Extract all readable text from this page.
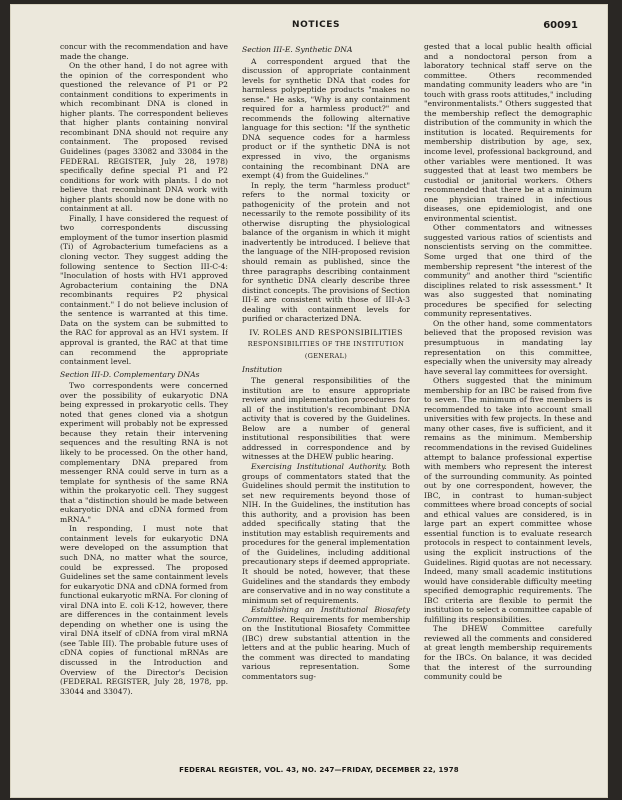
NOTICES	60091

concur with the recommendation and have made the change.

On the other hand, I do not agree with the opinion of the correspondent who questioned the relevance of P1 or P2 containment conditions to experiments in which recombinant DNA is cloned in higher plants. The correspondent believes that higher plants containing nonviral recombinant DNA should not require any containment. The proposed revised Guidelines (pages 33082 and 33084 in the FEDERAL REGISTER, July 28, 1978) specifically define special P1 and P2 conditions for work with plants. I do not believe that recombinant DNA work with higher plants should now be done with no containment at all.

Finally, I have considered the request of two correspondents discussing employment of the tumor insertion plasmid (Ti) of Agrobacterium tumefaciens as a cloning vector. They suggest adding the following sentence to Section III-C-4: "Inoculation of hosts with HV1 approved Agrobacterium containing the DNA recombinants requires P2 physical containment." I do not believe inclusion of the sentence is warranted at this time. Data on the system can be submitted to the RAC for approval as an HV1 system. If approval is granted, the RAC at that time can recommend the appropriate containment level.

Section III-D. Complementary DNAs

Two correspondents were concerned over the possibility of eukaryotic DNA being expressed in prokaryotic cells. They noted that genes cloned via a shotgun experiment will probably not be expressed because they retain their intervening sequences and the resulting RNA is not likely to be processed. On the other hand, complementary DNA prepared from messenger RNA could serve in turn as a template for synthesis of the same RNA within the prokaryotic cell. They suggest that a "distinction should be made between eukaryotic DNA and cDNA formed from mRNA."

In responding, I must note that containment levels for eukaryotic DNA were developed on the assumption that such DNA, no matter what the source, could be expressed. The proposed Guidelines set the same containment levels for eukaryotic DNA and cDNA formed from functional eukaryotic mRNA. For cloning of viral DNA into E. coli K-12, however, there are differences in the containment levels depending on whether one is using the viral DNA itself of cDNA from viral mRNA (see Table III). The probable future uses of cDNA copies of functional mRNAs are discussed in the Introduction and Overview of the Director's Decision (FEDERAL REGISTER, July 28, 1978, pp. 33044 and 33047).

Section III-E. Synthetic DNA

A correspondent argued that the discussion of appropriate containment levels for synthetic DNA that codes for harmless polypeptide products "makes no sense." He asks, "Why is any containment required for a harmless product?" and recommends the following alternative language for this section: "If the synthetic DNA sequence codes for a harmless product or if the synthetic DNA is not expressed in vivo, the organisms containing the recombinant DNA are exempt (4) from the Guidelines."

In reply, the term "harmless product" refers to the normal toxicity or pathogenicity of the protein and not necessarily to the remote possibility of its otherwise disrupting the physiological balance of the organism in which it might inadvertently be introduced. I believe that the language of the NIH-proposed revision should remain as published, since the three paragraphs describing containment for synthetic DNA clearly describe three distinct concepts. The provisions of Section III-E are consistent with those of III-A-3 dealing with containment levels for purified or characterized DNA.

IV. ROLES AND RESPONSIBILITIES
RESPONSIBILITIES OF THE INSTITUTION
(GENERAL)
Institution

The general responsibilities of the institution are to ensure appropriate review and implementation procedures for all of the institution's recombinant DNA activity that is covered by the Guidelines. Below are a number of general institutional responsibilities that were addressed in correspondence and by witnesses at the DHEW public hearing.

Exercising Institutional Authority. Both groups of commentators stated that the Guidelines should permit the institution to set new requirements beyond those of NIH. In the Guidelines, the institution has this authority, and a provision has been added specifically stating that the institution may establish requirements and procedures for the general implementation of the Guidelines, including additional precautionary steps if deemed appropriate. It should be noted, however, that these Guidelines and the standards they embody are conservative and in no way constitute a minimum set of requirements.

Establishing an Institutional Biosafety Committee. Requirements for membership on the Institutional Biosafety Committee (IBC) drew substantial attention in the letters and at the public hearing. Much of the comment was directed to mandating various representation. Some commentators sug-

gested that a local public health official and a nondoctoral person from a laboratory technical staff serve on the committee. Others recommended mandating community leaders who are "in touch with grass roots attitudes," including "environmentalists." Others suggested that the membership reflect the demographic distribution of the community in which the institution is located. Requirements for membership distribution by age, sex, income level, professional background, and other variables were mentioned. It was suggested that at least two members be custodial or janitorial workers. Others recommended that there be at a minimum one physician trained in infectious diseases, one epidemiologist, and one environmental scientist.

Other commentators and witnesses suggested various ratios of scientists and nonscientists serving on the committee. Some urged that one third of the membership represent "the interest of the community" and another third "scientific disciplines related to risk assessment." It was also suggested that nominating procedures be specified for selecting community representatives.

On the other hand, some commentators believed that the proposed revision was presumptuous in mandating lay representation on this committee, especially when the university may already have several lay committees for oversight.

Others suggested that the minimum membership for an IBC be raised from five to seven. The minimum of five members is recommended to take into account small universities with few projects. In these and many other cases, five is sufficient, and it remains as the minimum. Membership recommendations in the revised Guidelines attempt to balance professional expertise with members who represent the interest of the surrounding community. As pointed out by one correspondent, however, the IBC, in contrast to human-subject committees where broad concepts of social and ethical values are considered, is in large part an expert committee whose essential function is to evaluate research protocols in respect to containment levels, using the explicit instructions of the Guidelines. Rigid quotas are not necessary. Indeed, many small academic institutions would have considerable difficulty meeting specified demographic requirements. The IBC criteria are flexible to permit the institution to select a committee capable of fulfilling its responsibilities.

The DHEW Committee carefully reviewed all the comments and considered at great length membership requirements for the IBCs. On balance, it was decided that the interest of the surrounding community could be

FEDERAL REGISTER, VOL. 43, NO. 247—FRIDAY, DECEMBER 22, 1978
